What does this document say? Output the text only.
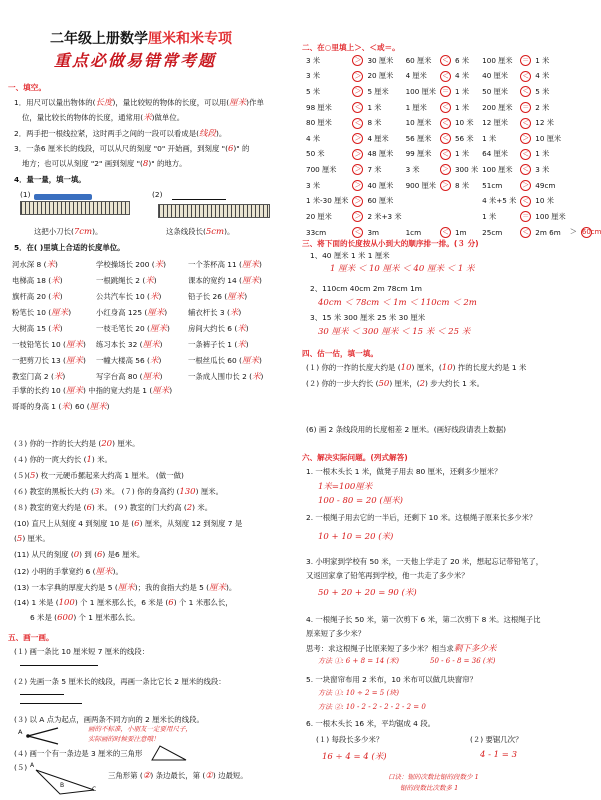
二年级上册数学厘米和米专项
重点必做易错常考题
一、填空。
1．用尺可以量出物体的(长度)，量比较短的物体的长度，可以用(厘米)作单
位，量比较长的物体的长度，通常用(米)做单位。
2．两手把一根线拉紧，这时两手之间的一段可以看成是(线段)。
3．一条6 厘米长的线段，可以从尺的刻度 "0" 开始画，到刻度 "(6)" 的
地方；也可以从刻度 "2" 画到刻度 "(8)" 的地方。
4．量一量，填一填。
(1)	(2)
这把小刀长(7cm)。	这条线段长(5cm)。
5．在( )里填上合适的长度单位。
河水深 8 (米)	学校操场长 200 (米)	一个茶杯高 11 (厘米)
电梯高 18 (米)	一根跳绳长 2 (米)	课本的宽约 14 (厘米)
旗杆高 20 (米)	公共汽车长 10 (米)	铅子长 26 (厘米)
粉笔长 10 (厘米)	小红身高 125 (厘米)	辅衣杆长 3 (米)
大树高 15 (米)	一枝毛笔长 20 (厘米) 房间大约长 6 (米)
一枝铅笔长 10 (厘米) 练习本长 32 (厘米)	一条裤子长 1 (米)
一把剪刀长 13 (厘米) 一幢大楼高 56 (米)	一根丝瓜长 60 (厘米)
教室门高 2 (米)	写字台高 80 (厘米)	一条成人围巾长 2 (米)
手掌的长约 10 (厘米) 中指的宽大约是 1 (厘米)
哥哥的身高 1 (米) 60 (厘米)
(３) 你的一拃的长大约是 (20) 厘米。
(４) 你的一庹大约长 (1) 米。
(５)(5) 枚一元硬币摞起来大约高 1 厘米。 (做一做)
(６) 教室的黑板长大约 (3) 米。 (７) 你的身高约 (130) 厘米。
(８) 教室的宽大约是 (6) 米。 (９) 教室的门大约高 (2) 米。
(10) 直尺上从刻度 4 到刻度 10 是 (6) 厘米，从刻度 12 到刻度 7 是
(5) 厘米。
(11) 从尺的刻度 (0) 到 (6) 是6 厘米。
(12) 小明的手掌宽约 6 (厘米)。
(13) 一本字典的厚度大约是 5 (厘米)；我的食指大约是 5 (厘米)。
(14) 1 米是 (100) 个 1 厘米那么长，6 米是 (6) 个 1 米那么长，
6 米是 (600) 个 1 厘米那么长。
五、画一画。
(１) 画一条比 10 厘米短 7 厘米的线段：
(２) 先画一条 5 厘米长的线段，再画一条比它长 2 厘米的线段：
(３) 以 A 点为起点，画两条不同方向的 2 厘米长的线段。
A	画的不标准，小朋友一定要用尺子，
实际画的时候要注意哦！
(４) 画一个有一条边是 3 厘米的三角形
(５) A
B
C
三角形第 (②) 条边最长，第 (①) 边最短。
二、在○里填上＞、＜或＝。
3 米	＞	30 厘米	60 厘米	＜	6 米	100 厘米	＝	1 米		
3 米	＞	20 厘米	4 厘米	＜	4 米	40 厘米	＜	4 米		
5 米	＞	5 厘米	100 厘米	＝	1 米	50 厘米	＜	5 米		
98 厘米	＜	1 米	1 厘米	＜	1 米	200 厘米	＝	2 米		
80 厘米	＜	8 米	10 厘米	＜	10 米	12 厘米	＜	12 米		
4 米	＞	4 厘米	56 厘米	＜	56 米	1 米	＞	10 厘米		
50 米	＞	48 厘米	99 厘米	＜	1 米	64 厘米	＜	1 米		
700 厘米	＞	7 米	3 米	＞	300 米	100 厘米	＜	3 米		
3 米	＞	40 厘米	900 厘米	＞	8 米	51cm	＞	49cm		
1 米-30 厘米	＞	60 厘米				4 米+5 米	＜	10 米		
20 厘米	＞	2 米+3 米				1 米	＝	100 厘米		
33cm	＜	3m	1cm	＜	1m	25cm	＜	2m 6m	＞	60cm
三、将下面的长度按从小到大的顺序排一排。(３ 分)
1、40 厘米 1 米 1 厘米
1 厘米 ＜ 10 厘米 ＜ 40 厘米 ＜ 1 米
2、110cm 40cm 2m 78cm 1m
40cm ＜ 78cm ＜ 1m ＜ 110cm ＜ 2m
3、15 米 300 厘米 25 米 30 厘米
30 厘米 ＜ 300 厘米 ＜ 15 米 ＜ 25 米
四、估一估，填一填。
(１) 你的一拃的长度大约是 (10) 厘米，(10) 拃的长度大约是 1 米
(２) 你的一步大约长 (50) 厘米，(2) 步大约长 1 米。
(6) 画 2 条线段用的长度相差 2 厘米。(画好线段请表上数据)
六、解决实际问题。(列式解答)
1. 一根木头长 1 米，做凳子用去 80 厘米，还剩多少厘米？
1米=100厘米
100 - 80 = 20 (厘米)
2. 一根绳子用去它的一半后，还剩下 10 米。这根绳子原来长多少米？
10 + 10 = 20 (米)
3. 小明家到学校有 50 米，一天他上学走了 20 米，想起忘记带铅笔了，
又返回家拿了铅笔再到学校，他一共走了多少米？
50 + 20 + 20 = 90 (米)
4. 一根绳子长 50 米，第一次剪下 6 米，第二次剪下 8 米。这根绳子比
原来短了多少米？
思考：求这根绳子比原来短了多少米？相当求剩下多少米
方法 ①: 6 + 8 = 14 (米)	50 - 6 - 8 = 36 (米)
5. 一块窗帘布用 2 米布，10 米布可以做几块窗帘？
方法 ①: 10 ÷ 2 = 5 (块)
方法 ②: 10 - 2 - 2 - 2 - 2 - 2 = 0
6. 一根木头长 16 米，平均锯成 4 段。
(１) 每段长多少米？	(２) 要锯几次？
16 ÷ 4 = 4 (米)	4 - 1 = 3
口诀：锯的次数比锯的段数少 1
锯的段数比次数多 1
